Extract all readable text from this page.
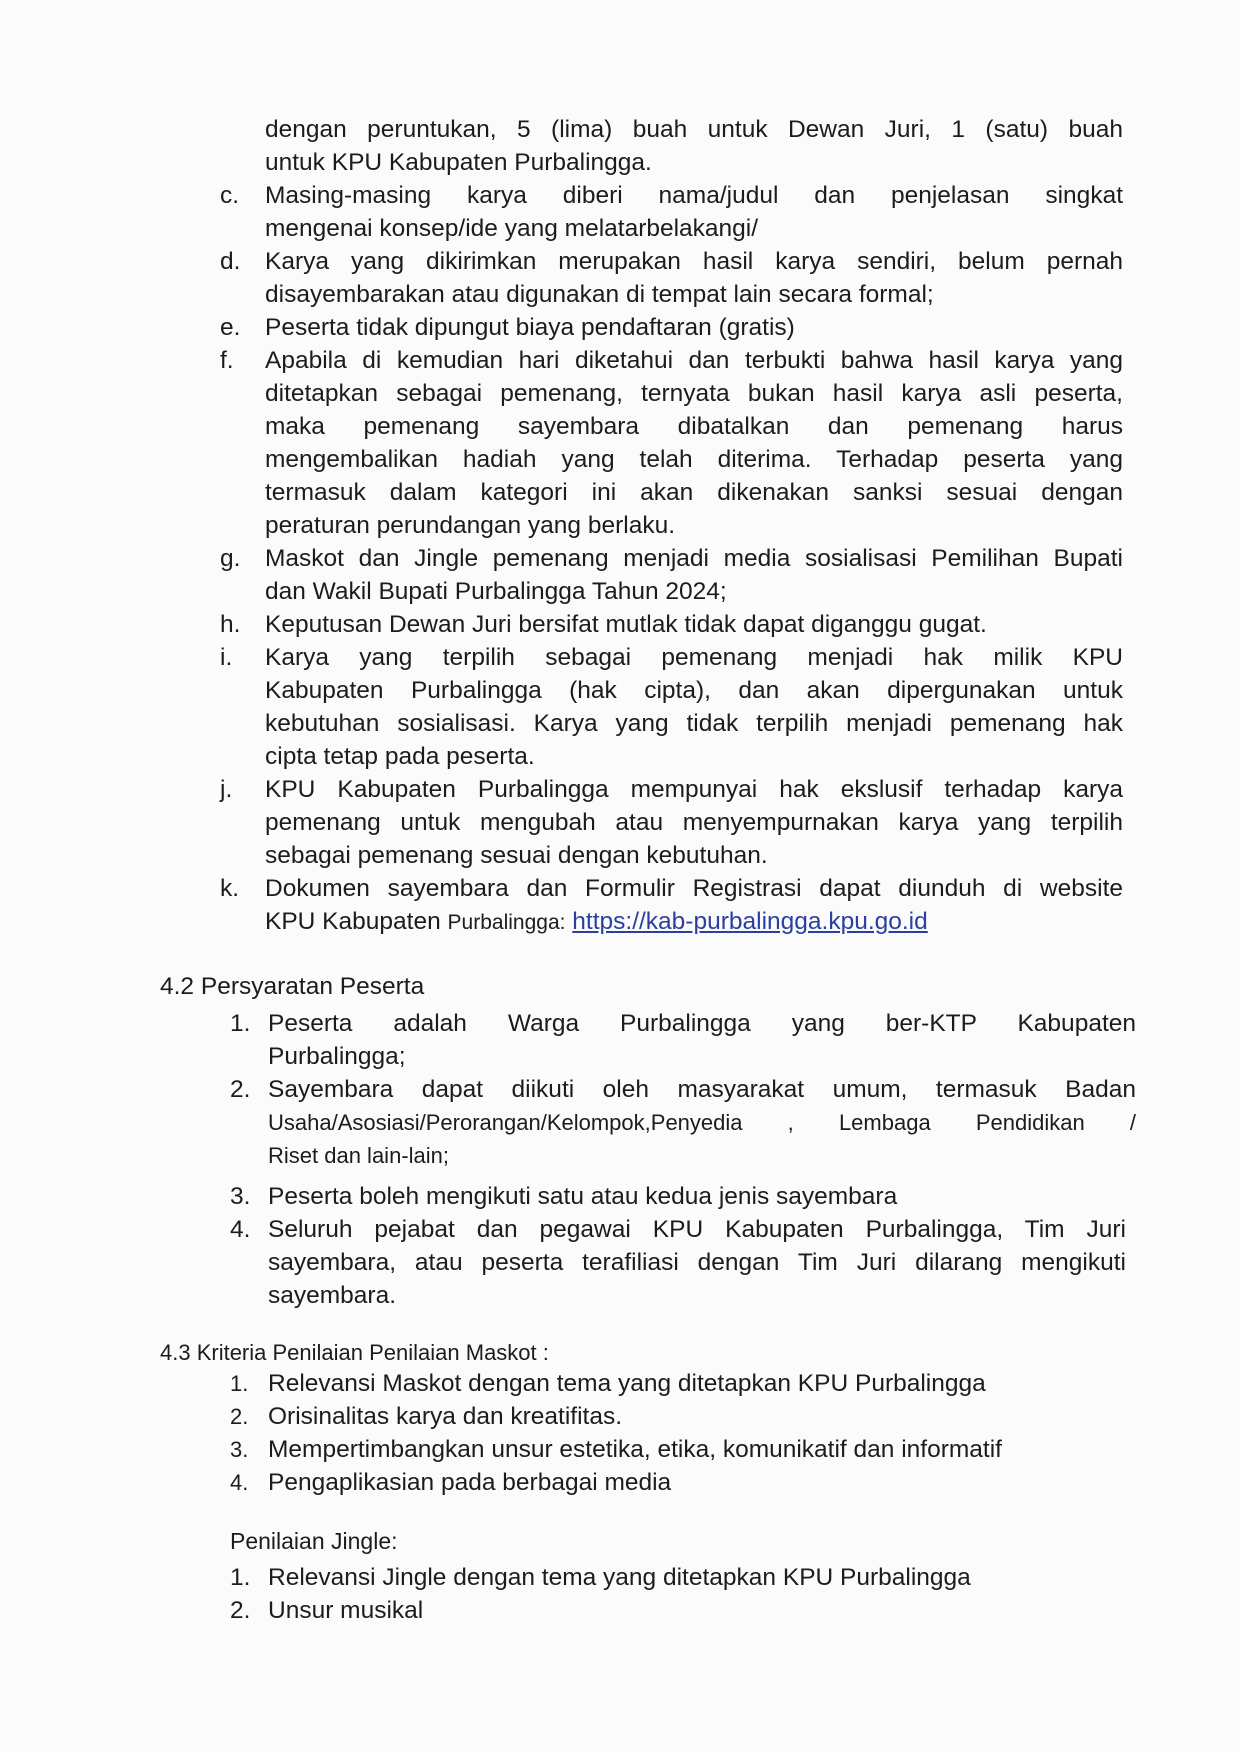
dengan peruntukan, 5 (lima) buah untuk Dewan Juri, 1 (satu) buah
untuk KPU Kabupaten Purbalingga.
c. Masing-masing karya diberi nama/judul dan penjelasan singkat
mengenai konsep/ide yang melatarbelakangi/
d. Karya yang dikirimkan merupakan hasil karya sendiri, belum pernah
disayembarakan atau digunakan di tempat lain secara formal;
e. Peserta tidak dipungut biaya pendaftaran (gratis)
f. Apabila di kemudian hari diketahui dan terbukti bahwa hasil karya yang
ditetapkan sebagai pemenang, ternyata bukan hasil karya asli peserta,
maka pemenang sayembara dibatalkan dan pemenang harus
mengembalikan hadiah yang telah diterima. Terhadap peserta yang
termasuk dalam kategori ini akan dikenakan sanksi sesuai dengan
peraturan perundangan yang berlaku.
g. Maskot dan Jingle pemenang menjadi media sosialisasi Pemilihan Bupati
dan Wakil Bupati Purbalingga Tahun 2024;
h. Keputusan Dewan Juri bersifat mutlak tidak dapat diganggu gugat.
i. Karya yang terpilih sebagai pemenang menjadi hak milik KPU
Kabupaten Purbalingga (hak cipta), dan akan dipergunakan untuk
kebutuhan sosialisasi. Karya yang tidak terpilih menjadi pemenang hak
cipta tetap pada peserta.
j. KPU Kabupaten Purbalingga mempunyai hak ekslusif terhadap karya
pemenang untuk mengubah atau menyempurnakan karya yang terpilih
sebagai pemenang sesuai dengan kebutuhan.
k. Dokumen sayembara dan Formulir Registrasi dapat diunduh di website
KPU Kabupaten Purbalingga: https://kab-purbalingga.kpu.go.id
4.2 Persyaratan Peserta
1. Peserta adalah Warga Purbalingga yang ber-KTP Kabupaten
Purbalingga;
2. Sayembara dapat diikuti oleh masyarakat umum, termasuk Badan
Usaha/Asosiasi/Perorangan/Kelompok,Penyedia , Lembaga Pendidikan /
Riset dan lain-lain;
3. Peserta boleh mengikuti satu atau kedua jenis sayembara
4. Seluruh pejabat dan pegawai KPU Kabupaten Purbalingga, Tim Juri
sayembara, atau peserta terafiliasi dengan Tim Juri dilarang mengikuti
sayembara.
4.3 Kriteria Penilaian Penilaian Maskot :
1. Relevansi Maskot dengan tema yang ditetapkan KPU Purbalingga
2. Orisinalitas karya dan kreatifitas.
3. Mempertimbangkan unsur estetika, etika, komunikatif dan informatif
4. Pengaplikasian pada berbagai media
Penilaian Jingle:
1. Relevansi Jingle dengan tema yang ditetapkan KPU Purbalingga
2. Unsur musikal
